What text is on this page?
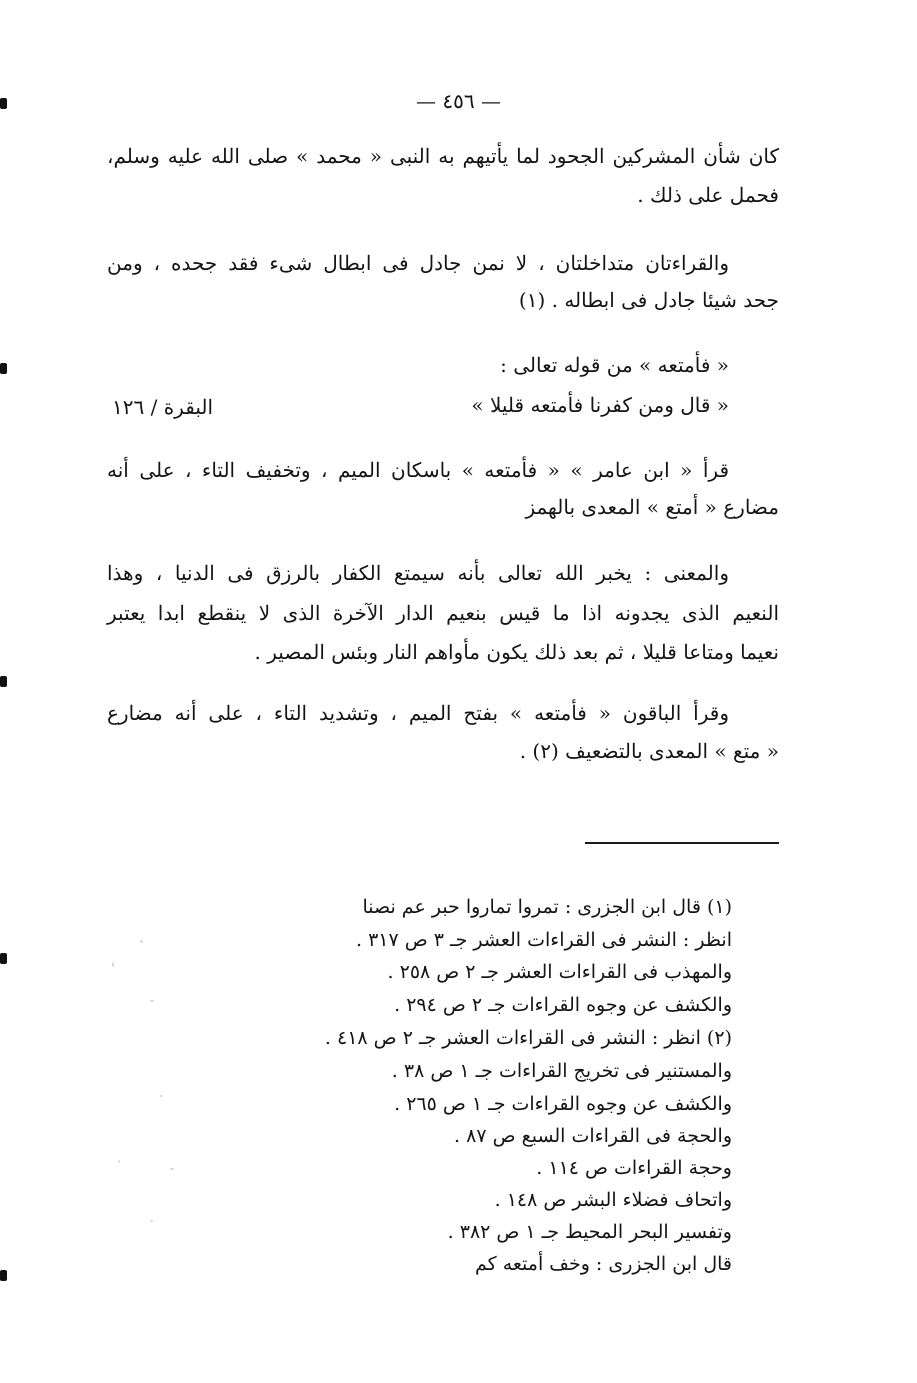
— ٤٥٦ —
كان شأن المشركين الجحود لما يأتيهم به النبى « محمد » صلى الله عليه وسلم،
فحمل على ذلك .
والقراءتان متداخلتان ، لا نمن جادل فى ابطال شىء فقد جحده ، ومن
جحد شيئا جادل فى ابطاله . (١)
« فأمتعه » من قوله تعالى :
« قال ومن كفرنا فأمتعه قليلا »
البقرة / ١٢٦
قرأ « ابن عامر » « فأمتعه » باسكان الميم ، وتخفيف التاء ، على أنه
مضارع « أمتع » المعدى بالهمز
والمعنى : يخبر الله تعالى بأنه سيمتع الكفار بالرزق فى الدنيا ، وهذا
النعيم الذى يجدونه اذا ما قيس بنعيم الدار الآخرة الذى لا ينقطع ابدا يعتبر
نعيما ومتاعا قليلا ، ثم بعد ذلك يكون مأواهم النار وبئس المصير .
وقرأ الباقون « فأمتعه » بفتح الميم ، وتشديد التاء ، على أنه مضارع
« متع » المعدى بالتضعيف (٢) .
(١) قال ابن الجزرى : تمروا تماروا حبر عم نصنا
انظر : النشر فى القراءات العشر جـ ٣ ص ٣١٧ .
والمهذب فى القراءات العشر جـ ٢ ص ٢٥٨ .
والكشف عن وجوه القراءات جـ ٢ ص ٢٩٤ .
(٢) انظر : النشر فى القراءات العشر جـ ٢ ص ٤١٨ .
والمستنير فى تخريج القراءات جـ ١ ص ٣٨ .
والكشف عن وجوه القراءات جـ ١ ص ٢٦٥ .
والحجة فى القراءات السبع ص ٨٧ .
وحجة القراءات ص ١١٤ .
واتحاف فضلاء البشر ص ١٤٨ .
وتفسير البحر المحيط جـ ١ ص ٣٨٢ .
قال ابن الجزرى : وخف أمتعه كم
